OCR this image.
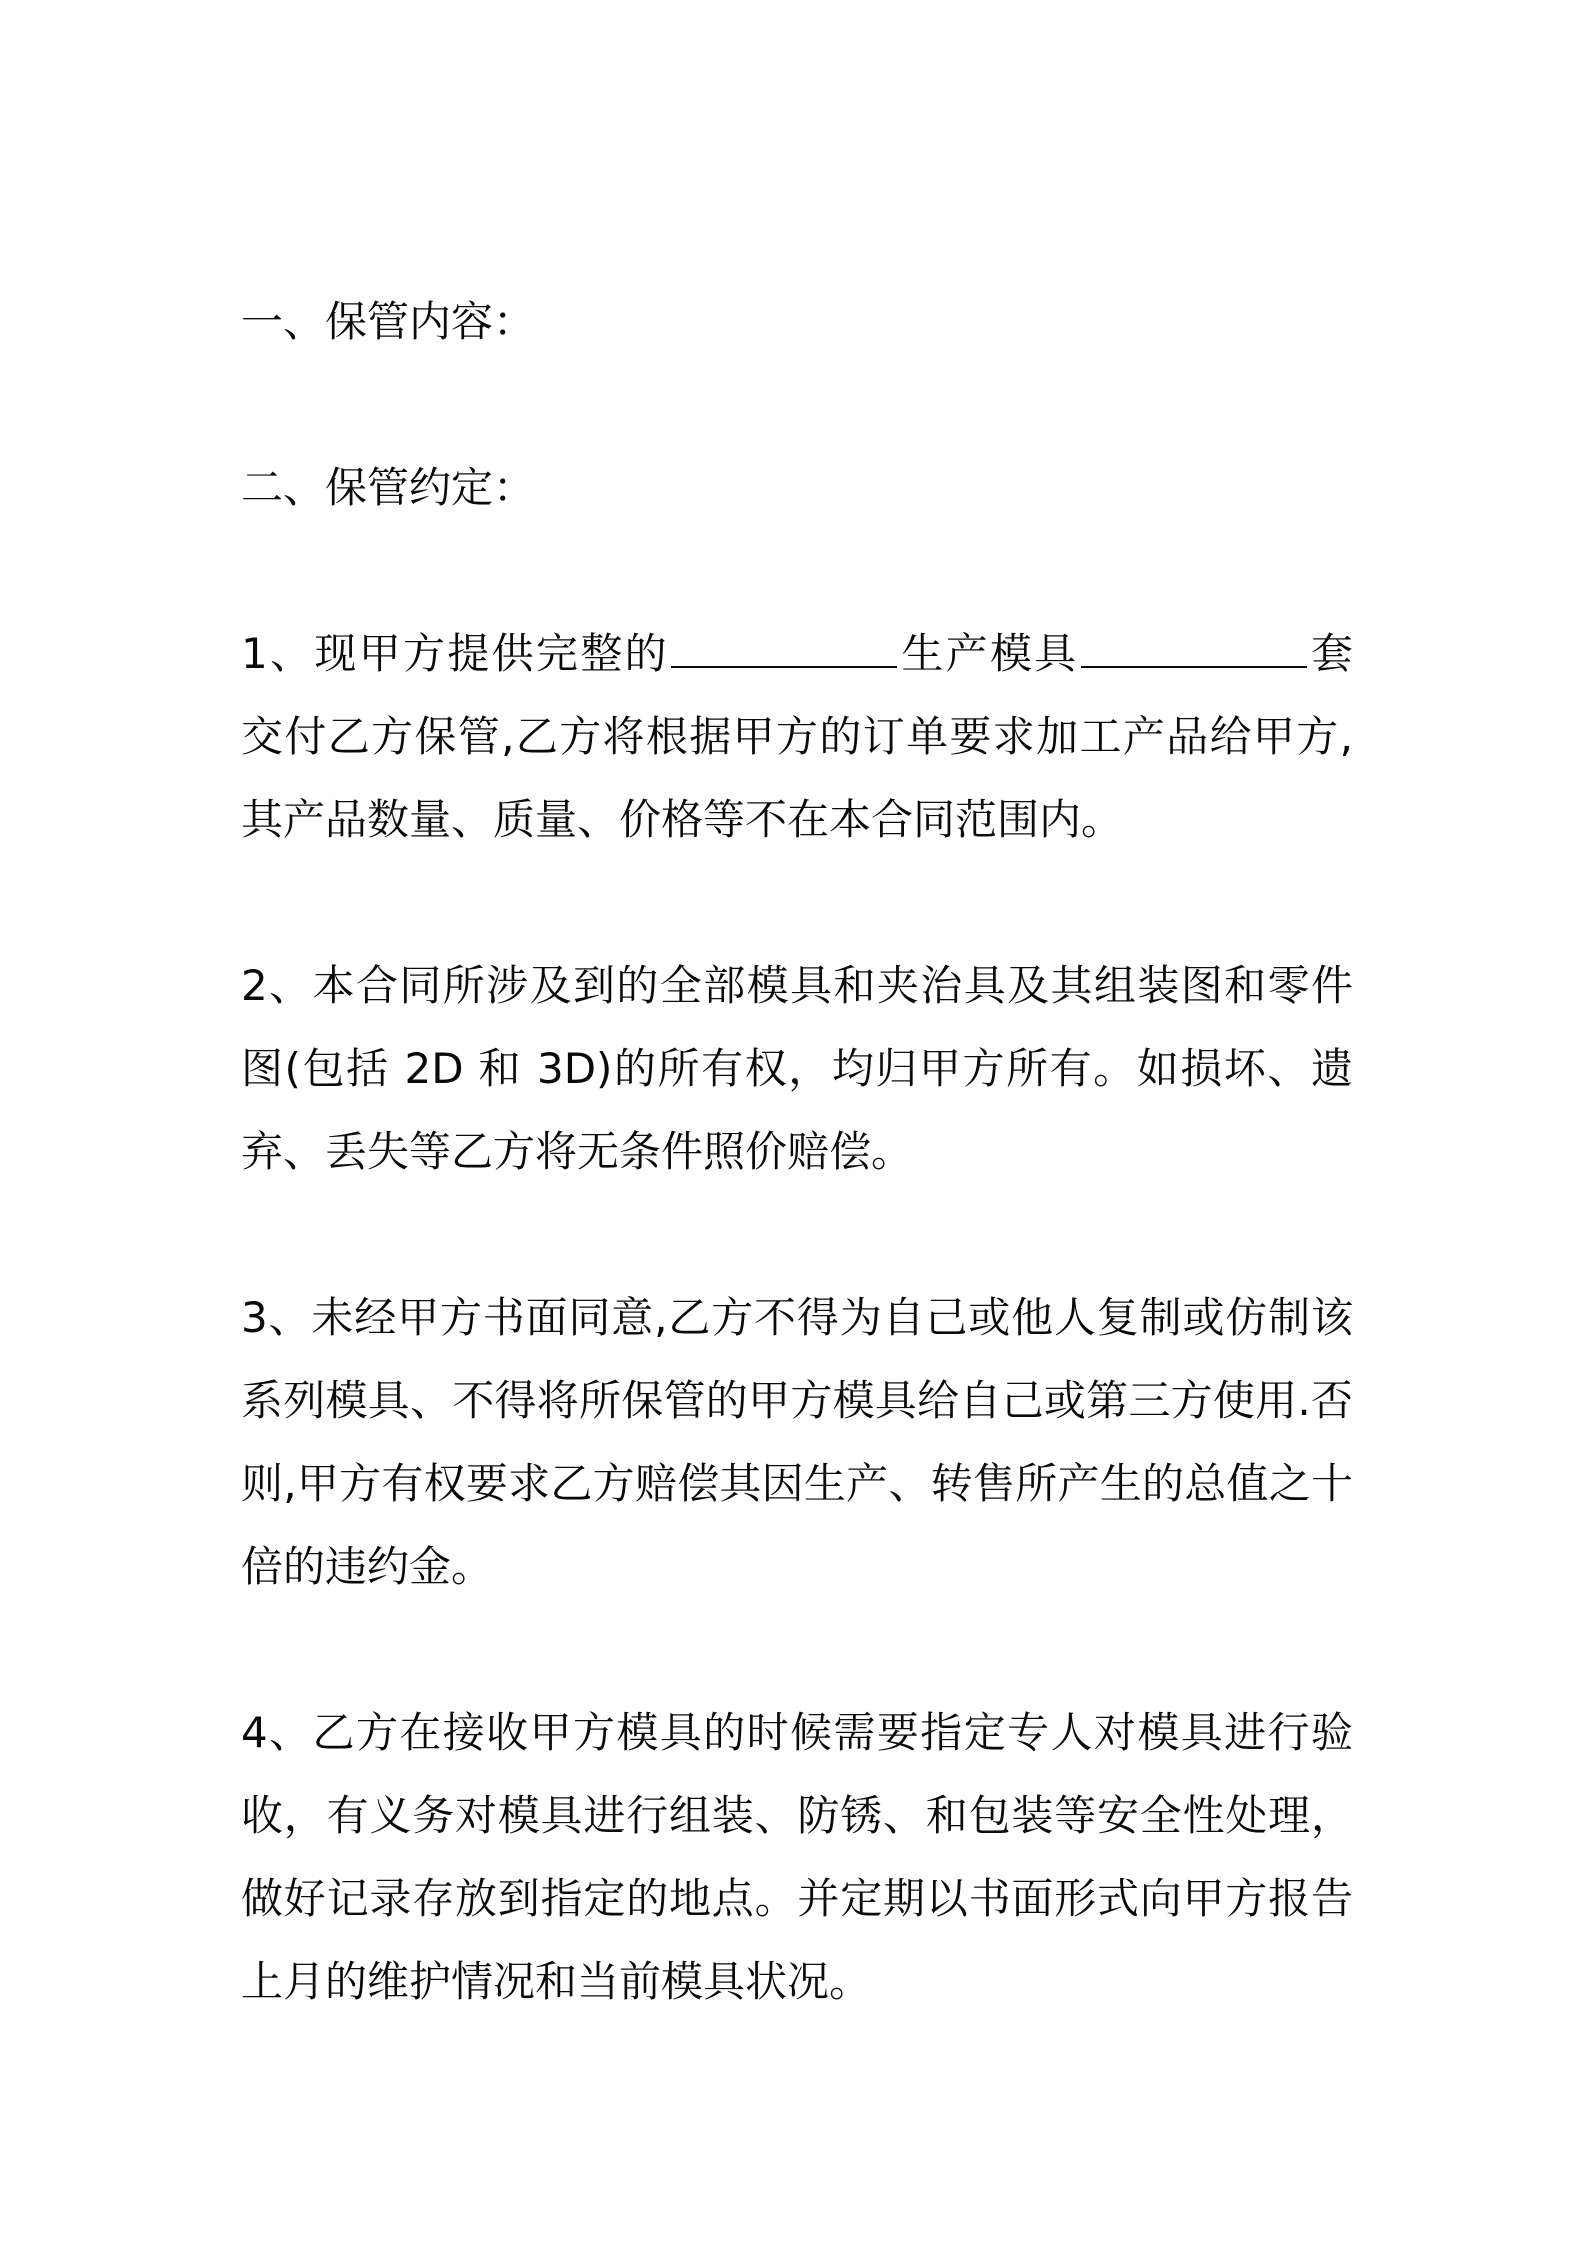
一、保管内容：

二、保管约定：

1、现甲方提供完整的	生产模具	套交付乙方保管,乙方将根据甲方的订单要求加工产品给甲方,其产品数量、质量、价格等不在本合同范围内。

2、本合同所涉及到的全部模具和夹治具及其组装图和零件图(包括 2D 和 3D)的所有权，均归甲方所有。如损坏、遗弃、丢失等乙方将无条件照价赔偿。

3、未经甲方书面同意,乙方不得为自己或他人复制或仿制该系列模具、不得将所保管的甲方模具给自己或第三方使用.否则,甲方有权要求乙方赔偿其因生产、转售所产生的总值之十倍的违约金。

4、乙方在接收甲方模具的时候需要指定专人对模具进行验收，有义务对模具进行组装、防锈、和包装等安全性处理，做好记录存放到指定的地点。并定期以书面形式向甲方报告上月的维护情况和当前模具状况。
